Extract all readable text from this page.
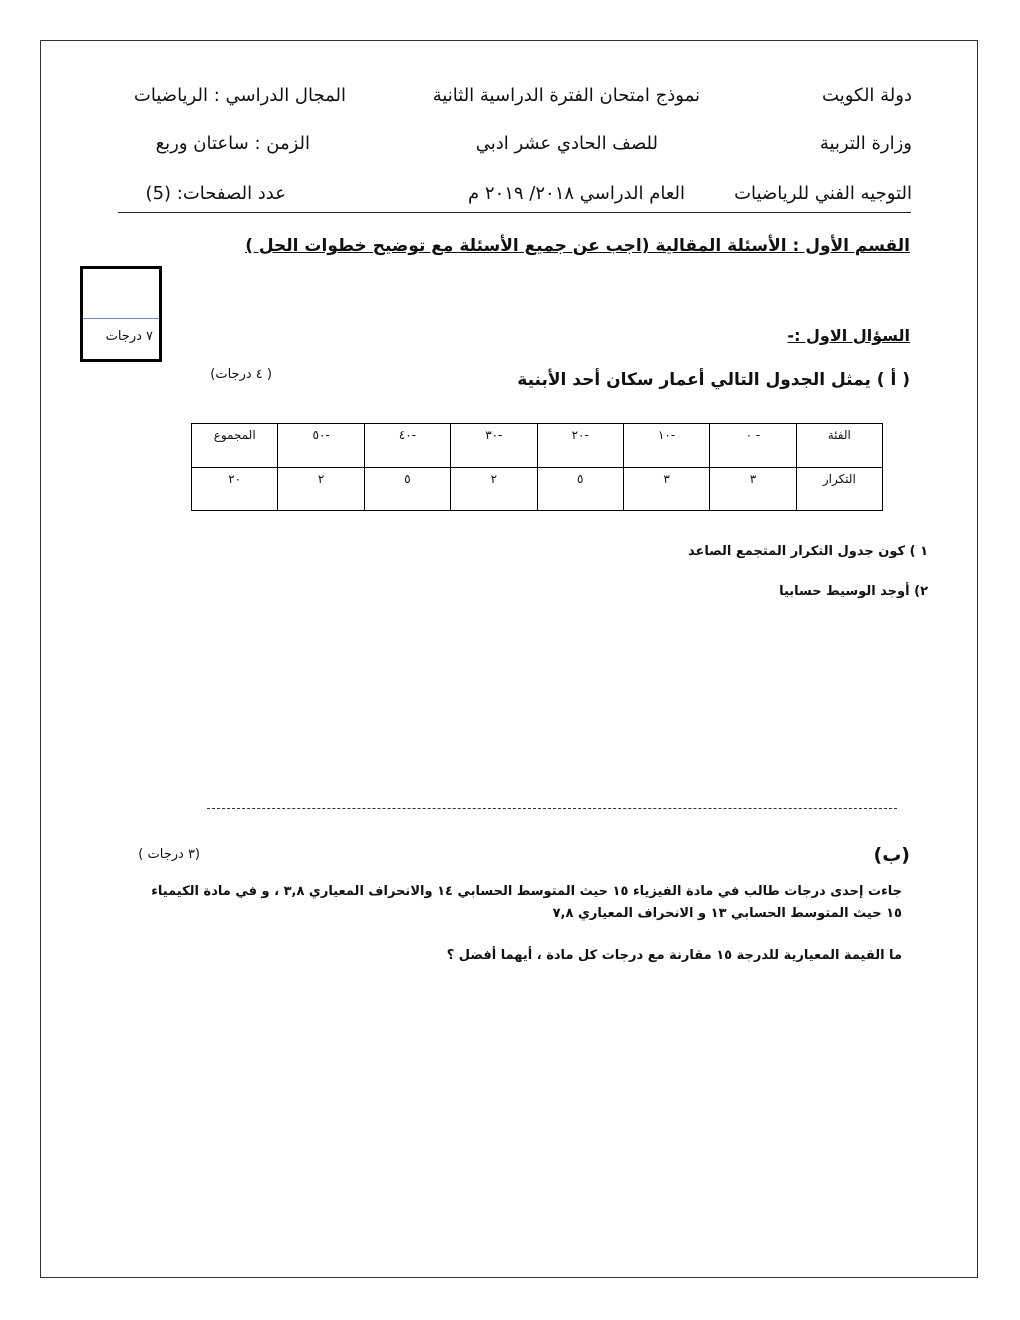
دولة الكويت
وزارة التربية
التوجيه الفني للرياضيات
نموذج امتحان الفترة الدراسية الثانية
للصف الحادي عشر ادبي
العام الدراسي ٢٠١٨/ ٢٠١٩ م
المجال الدراسي : الرياضيات
الزمن : ساعتان وربع
عدد الصفحات: (5)
القسم الأول : الأسئلة المقالية (اجب عن جميع الأسئلة مع توضيح خطوات الحل )
٧ درجات	السؤال الاول :-
( أ ) يمثل الجدول التالي أعمار سكان أحد الأبنية
( ٤ درجات)
المجموع	٥٠-	٤٠-	٣٠-	٢٠-	١٠-	٠ -	الفئة
٢٠	٢	٥	٢	٥	٣	٣	التكرار
١ ) كون جدول التكرار المتجمع الصاعد
٢) أوجد الوسيط حسابيا
(ب)
(٣ درجات )
جاءت إحدى درجات طالب في مادة الفيزياء ١٥ حيث المتوسط الحسابي ١٤ والانحراف المعياري ٣,٨ ، و في مادة الكيمياء
١٥ حيث المتوسط الحسابي ١٣ و الانحراف المعياري ٧,٨
ما القيمة المعيارية للدرجة ١٥ مقارنة مع درجات كل مادة ، أيهما أفضل ؟
